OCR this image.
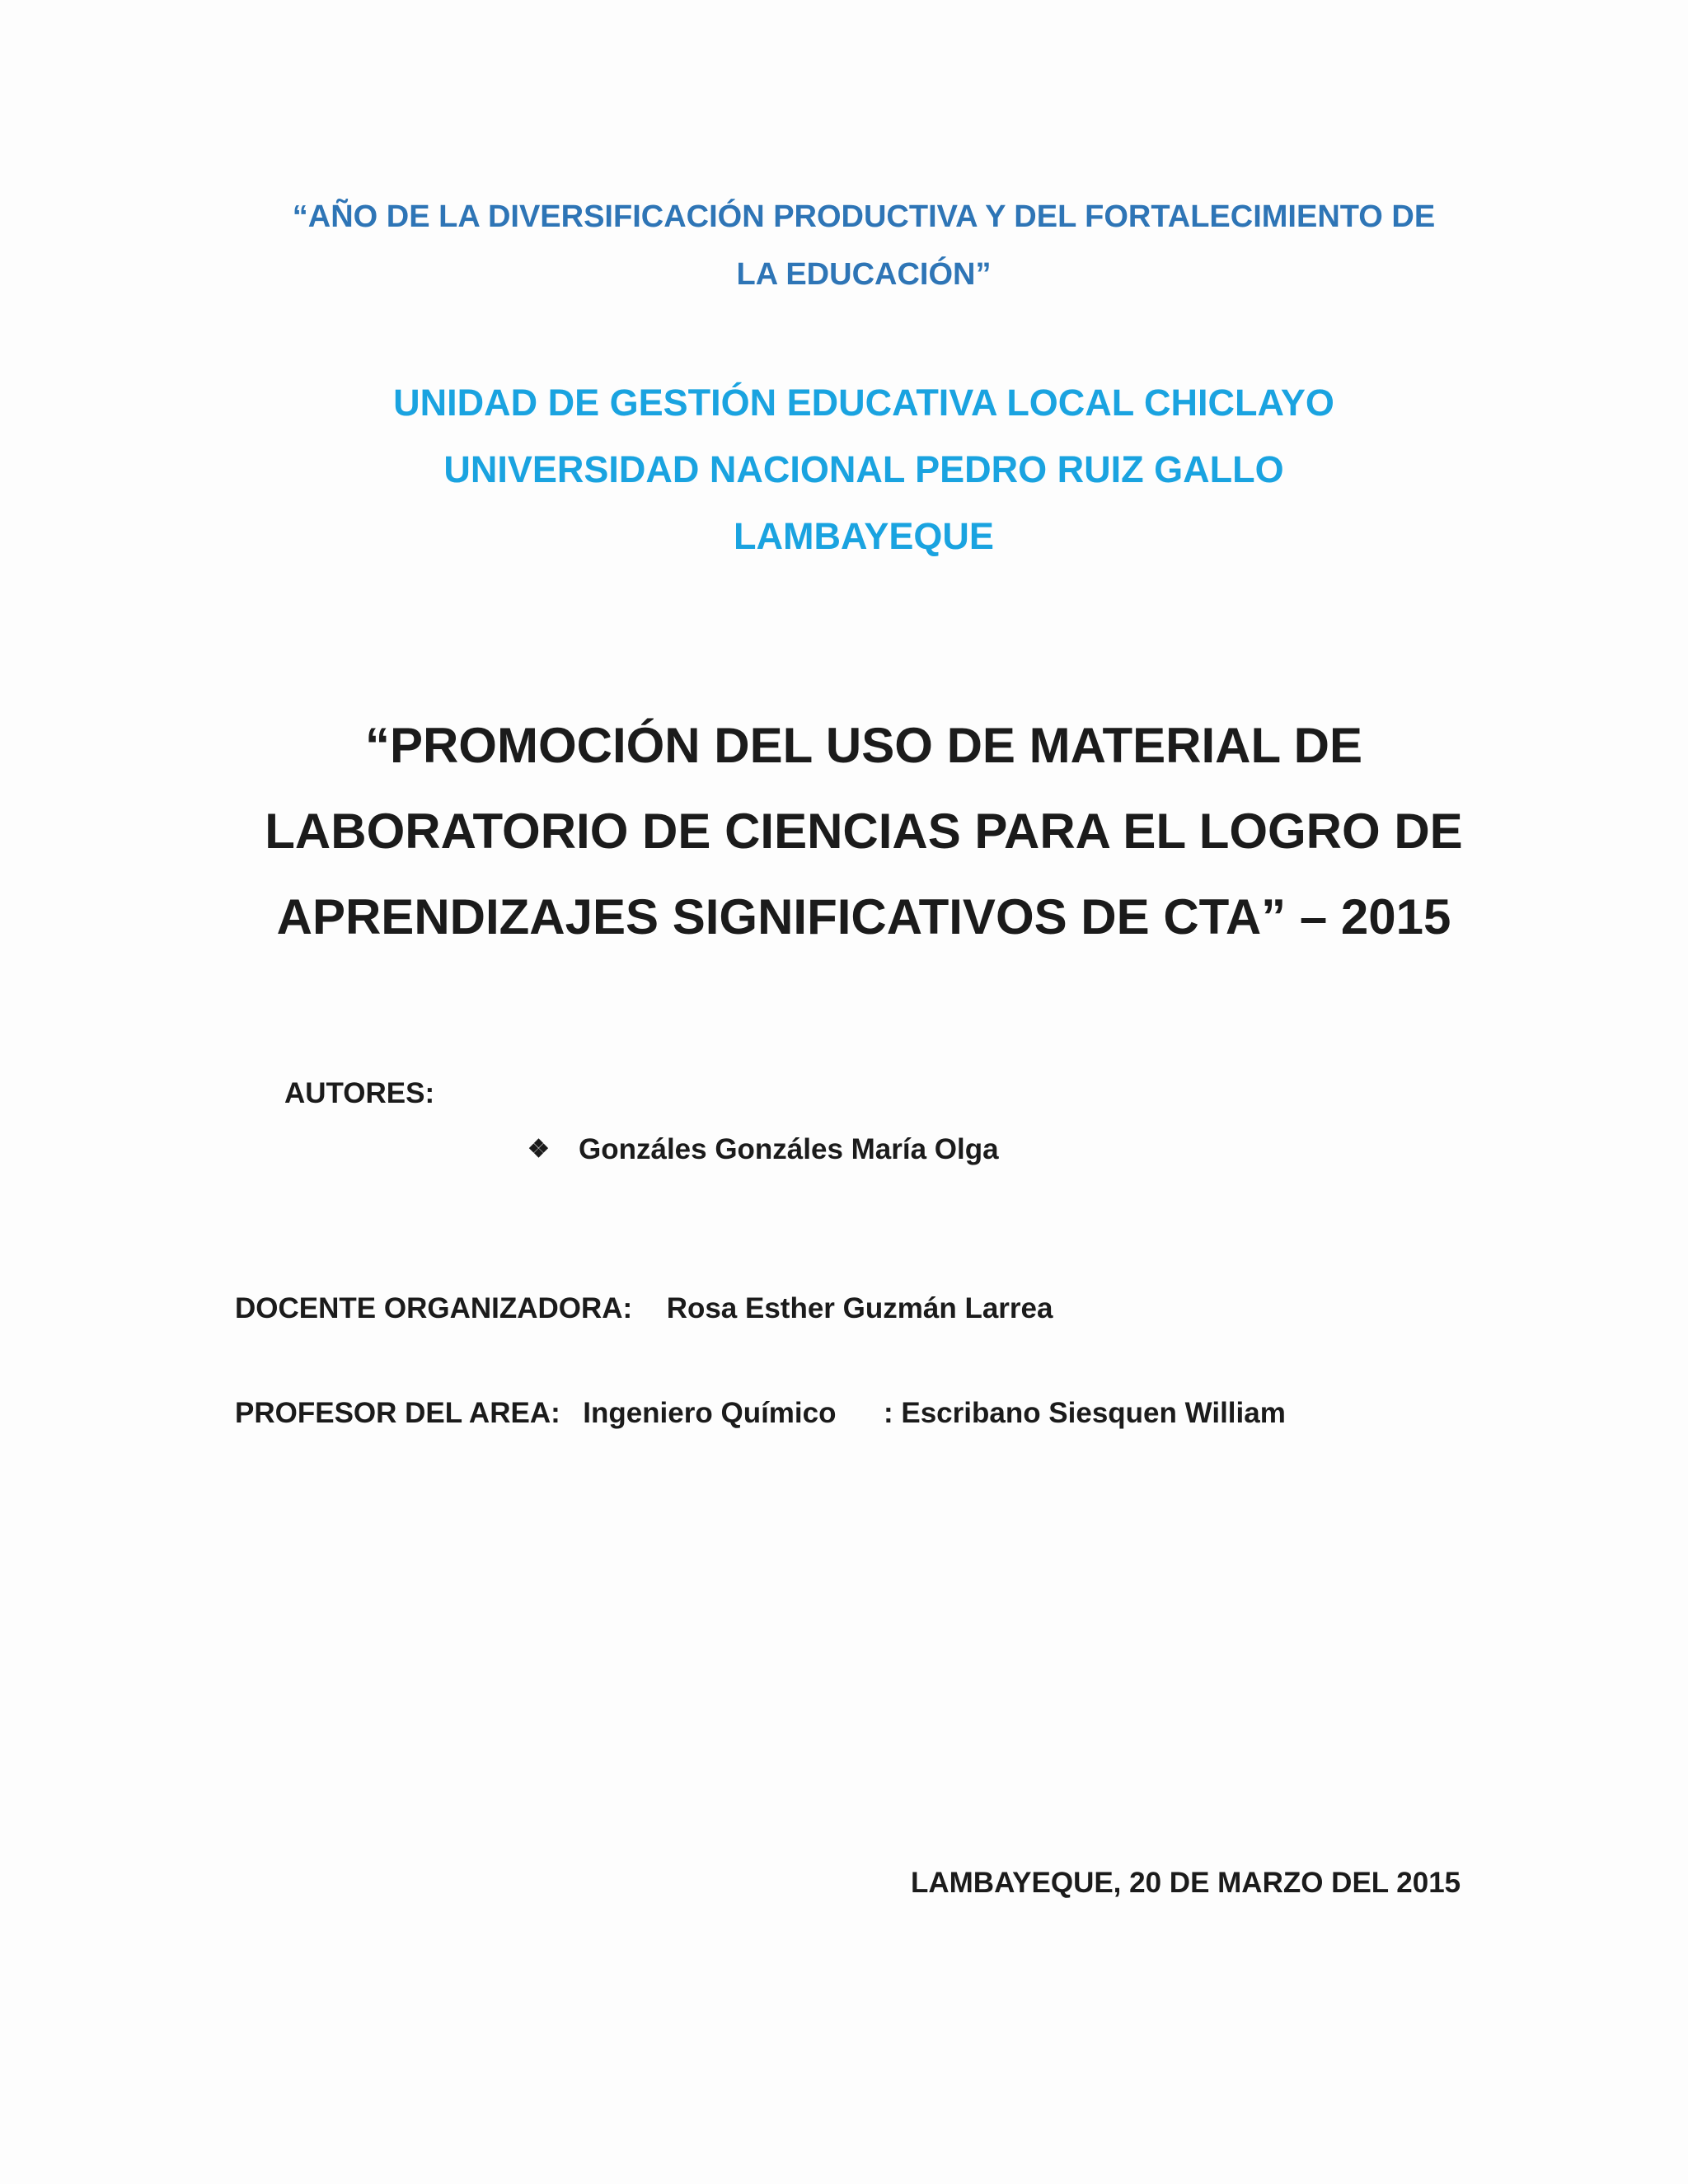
“AÑO DE LA DIVERSIFICACIÓN PRODUCTIVA Y DEL FORTALECIMIENTO DE
LA EDUCACIÓN”
UNIDAD DE GESTIÓN EDUCATIVA LOCAL CHICLAYO
UNIVERSIDAD NACIONAL PEDRO RUIZ GALLO
LAMBAYEQUE
“PROMOCIÓN DEL USO DE MATERIAL DE
LABORATORIO DE CIENCIAS PARA EL LOGRO DE
APRENDIZAJES SIGNIFICATIVOS DE CTA” – 2015
AUTORES:
❖	Gonzáles Gonzáles María Olga
DOCENTE ORGANIZADORA: Rosa Esther Guzmán Larrea
PROFESOR DEL AREA: Ingeniero Químico : Escribano Siesquen William
LAMBAYEQUE, 20 DE MARZO DEL 2015
